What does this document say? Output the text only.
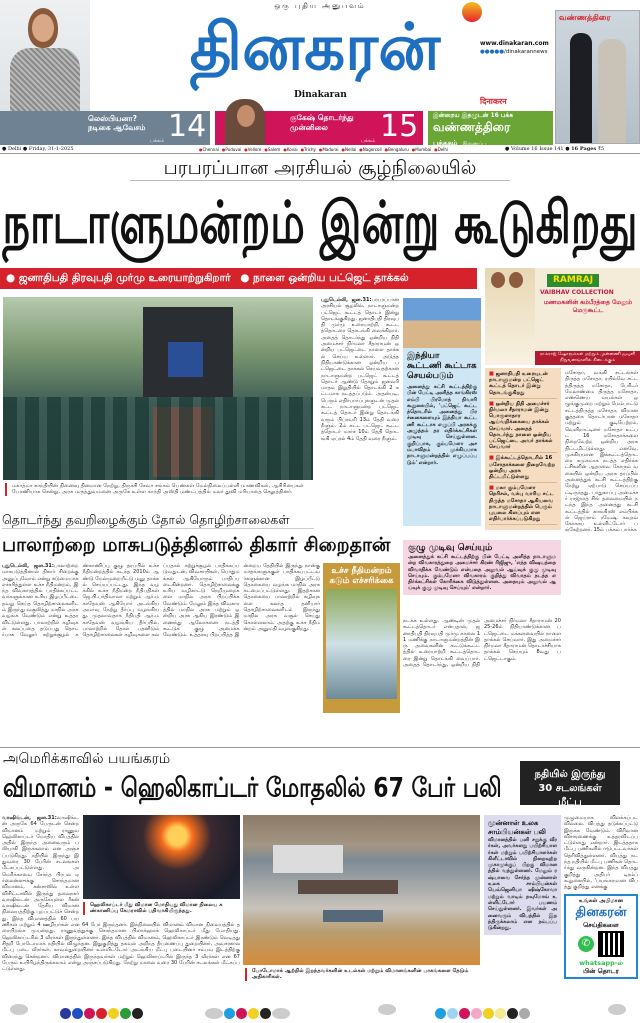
ஒரு புதிய அனுபவம்
தினகரன்
Dinakaran
www.dinakaran.com
●●●●●/dinakarannews
दिनाकरन
வண்ணத்திரை
லெஸ்பியனா? நடிகை ஆவேசம்
பக்கம் 14	குகேஷ் தொடர்ந்து முன்னிலை
பக்கம் 15 இன்றைய இதழுடன் 16 பக்க
வண்ணத்திரை
புத்தகம் இணைப்பு
● Delhi ● Friday, 31-1-2025	●Chennai ●Puduvai ●Vellore ●Salem ●Kovai ●Trichy ●Madurai ●Nellai ●Nagercoil ●Bengaluru ●Mumbai ●Delhi	● Volume 16 Issue 141 ● 16 Pages ₹5
பரபரப்பான அரசியல் சூழ்நிலையில்
நாடாளுமன்றம் இன்று கூடுகிறது
● ஜனாதிபதி திரவுபதி முர்மு உரையாற்றுகிறார் ● நாளை ஒன்றிய பட்ஜெட் தாக்கல்	RAMRAJ
VAIBHAV COLLECTION
மணமகனின் கம்பீரத்தை மேலும் மெருகூட்ட
ராம்ராஜ் ஷோரூம்கள் மற்றும் முன்னணி ஜவுளி நிறுவனங்களில் கிடைக்கும்
மகாத்மா காந்தியின் நினைவு தினமான நேற்று, திருச்சி சேவா சங்கம் பெண்கள் மேல்நிலைப்பள்ளி மாணவிகள், ஆசிரியைகள் பேரணியாக சென்று, அரசு மருத்துவமனை அருகே உள்ள காந்தி அஸ்தி மண்டபத்தில் மலர் தூவி மரியாதை செலுத்தினர்.
புதுடெல்லி, ஜன.31:பரபரப்பான அரசியல் சூழலில், நாடாளுமன்ற பட்ஜெட் கூட்டத் தொடர் இன்று தொடங்குகிறது. ஜனாதிபதி திரவுபதி முர்மு உரையாற்றி, கூட்டத்தொடரை தொடங்கி வைக்கிறார். அதைத் தொடர்ந்து ஒன்றிய நிதி அமைச்சர் நிர்மலா சீதாராமன் ஒன்றிய பட்ஜெட்டை நாளை தாக்கல் செய்ய உள்ளார். அடுத்த நிதியாண்டுக்கான ஒன்றிய பட்ஜெட்டை தாக்கல் செய்வதற்கான நாடாளுமன்ற பட்ஜெட் கூட்டத் தொடர் ஆண்டு தோறும் ஜனவரி மாதம் இறுதியில் தொடங்கி 2 கட்டமாக நடத்தப்படும். அதன்படி, பெரும் எதிர்பார்ப்புகளுடன் முதல் கட்ட நாடாளுமன்ற பட்ஜெட் கூட்டத் தொடர் இன்று தொடங்கி வரும் பிப்ரவரி 13ம் தேதி வரை நீளும். 2ம் கட்ட பட்ஜெட் கூட்டத்தொடர் மார்ச் 10ம் தேதி தொடங்கி ஏப்ரல் 4ம் தேதி வரை நீளும்.
இந்தியா கூட்டணி கூட்டாக செயல்படும்
அனைத்து கட்சி கூட்டத்திற்கு பின் பேட்டி அளித்த காங்கிரஸ் எம்பி பிரமோத் திவாரி கூறுகையில், 'பட்ஜெட் கூட்டத்தொடரில் அனைத்து பிரச்னைகளையும் இந்தியா கூட்டணி கூட்டாக எழுப்பி அரசுக்கு அழுத்தம் தர எதிர்க்கட்சிகள் முடிவு செய்துள்ளன. குறிப்பாக, கும்பமேளா அசம்பாவிதம் முக்கியமாக நாடாளுமன்றத்தில் எழுப்பப்படும்' என்றார்.
■ ஜனாதிபதி உரையுடன் நாடாளுமன்ற பட்ஜெட் கூட்டத் தொடர் இன்று தொடங்குகிறது
■ ஒன்றிய நிதி அமைச்சர் நிர்மலா சீதாராமன் இன்று பொருளாதார ஆய்வறிக்கையை தாக்கல் செய்வார். அதைத் தொடர்ந்து நாளை ஒன்றிய பட்ஜெட்டை அவர் தாக்கல் செய்வார்
■ இக்கூட்டத்தொடரில் 16 மசோதாக்களை நிறைவேற்ற ஒன்றிய அரசு திட்டமிட்டுள்ளது
■ மகா கும்பமேளா நெரிசல், வக்பு வாரிய சட்ட திருத்த மசோதா ஆகியவை நாடாளுமன்றத்தில் பெரும் புயலை கிளப்பும் என எதிர்பார்க்கப்படுகிறது
மசோதா, வங்கி சட்டங்கள் திருத்த மசோதா, ரயில்வே சட்டத்திருத்த மசோதா, பேரிடர் மேலாண்மை திருத்த மசோதா, எண்ணெய் வயல்கள் ஒழுங்குமுறை மற்றும் மேம்பாட்டு சட்டத்திருத்த மசோதா, விமான குத்தகை தொடர்பான மசோதா மற்றும் குடியேற்றம், வெளிநாட்டினர் மசோதா உட்பட 16 மசோதாக்களை நிறைவேற்ற ஒன்றிய அரசு திட்டமிட்டுள்ளது. எனவே, முக்கியமான இக்கூட்டத்தொடரை சுமுகமாக நடத்த எதிர்க்கட்சிகளின் ஆதரவை கோரும் வகையில் ஒன்றிய அரசு தரப்பில் அனைத்துக் கட்சி கூட்டத்திற்கு நேற்று ஏற்பாடு செய்யப்பட்டிருந்தது. பாதுகாப்பு அமைச்சர் ராஜ்நாத் சிங் தலைமையில் நடந்த இந்த அனைத்து கட்சி கூட்டத்தில் காங்கிரஸ் எம்பிக்கள் ஜெய்ராம் ரமேஷ், கவுரவ் கோகாய் உள்ளிட்டோர் பங்கேற்றனர். 15ம் பக்கம் பார்க்க
குழு முடிவு செய்யும்
அனைத்துக் கட்சி கூட்டத்திற்கு பின் பேட்டி அளித்த நாடாளுமன்ற விவகாரத்துறை அமைச்சர் கிரண் ரிஜிஜு, 'எந்த விஷயத்தை விவாதிக்க வேண்டும் என்பதை அலுவல் ஆய்வுக் குழு முடிவு செய்யும். கும்பமேளா விவகாரம் குறித்து விவாதம் நடத்த எதிர்க்கட்சிகள் கோரிக்கை விடுத்துள்ளன. அதையும் அலுவல் ஆய்வுக் குழு முடிவு செய்யும்' என்றார்.
நடக்க உள்ளது. ஆண்டின் முதல் கூட்டத்தொடர் என்பதால், ஜனாதிபதி திரவுபதி முர்மு காலை 11 மணிக்கு நாடாளுமன்றத்தின் இரு அவைகளின் கூட்டுக்கூட்டத்தில் உரையாற்றி கூட்டத்தொடரை இன்று தொடங்கி வைப்பார். அதைத் தொடர்ந்து, ஒன்றிய நிதி அமைச்சர் நிர்மலா சீதாராமன் 2025-26ம் நிதியாண்டுக்கான பட்ஜெட்டை மக்களவையில் நாளை தாக்கல் செய்வார். இது அமைச்சர் நிர்மலா சீதாராமன் தொடர்ச்சியாக தாக்கல் செய்யும் 8வது பட்ஜெட்டாகும்.
தொடர்ந்து தவறிழைக்கும் தோல் தொழிற்சாலைகள்
பாலாற்றை மாசுபடுத்தினால் திகார் சிறைதான்
புதுடெல்லி, ஜன.31:பாலாற்றை மாசுபடுத்தினால் திகார் சிறைக்கு அனுப்புவோம் என்று கடுமையாக எச்சரித்துள்ள உச்ச நீதிமன்றம், இந்த விவகாரத்தில் பாதிக்கப்பட்டவர்களுக்கான உரிய இழப்பீட்டை தவறு செய்த தொழிற்சாலைகளிடம் இருந்து வசூலித்து மாநில அரசு வழங்க வேண்டும் என்று உத்தரவிட்டுள்ளது. பாலாற்றில் கழிவுகள் கலப்பதை தடுப்பது தொடர்பாக வேலூர் சுற்றுச்சூழல் கண்காணிப்பு குழு தரப்பில் உச்ச நீதிமன்றத்தில் கடந்த 2010ம் ஆண்டு மேல்முறையீட்டு மனு தாக்கல் செய்யப்பட்டது. இந்த வழக்கில் உச்ச நீதிமன்ற நீதிபதிகள் ஜே.பி.பர்திவாலா மற்றும் ஆர்.மகாதேவன் ஆகியோர் அடங்கிய அமர்வு நேற்று தீர்ப்பு வழங்கியது. முதலாவதாக நீதிபதி ஆர்.மகாதேவன் வழங்கிய தீர்ப்பில், பாலாற்றில் தோல் பதனிடும் தொழிற்சாலைகள் கழிவுகளை கலப்பதால் சுற்றுச்சூழல் பாதிக்கப்படுவதுடன், விவசாயிகள், பொதுமக்கள் ஆகியோரும் பாதிப்படைகின்றனர். தொழிற்சாலைக்கு உரிய வழிகாட்டு நெறிமுறைகளை மாநில அரசு பிறப்பிக்க வேண்டும். மேலும் இந்த விவகாரத்தில் மாநில அரசு மற்றும் ஒன்றிய அரசு ஆகிய இரண்டும் இணைந்து ஆலோசனை நடத்தி கூட்டுக் குழு அமைக்க வேண்டும். உத்தரவு பிறப்பித்த இன்றைய தேதியில் இருந்து நான்கு மாதங்களுக்குள் பாதிக்கப்பட்டவர்களுக்கான இழப்பீட்டு தொகையை வழங்க மாநில அரசு கடமைப்பட்டுள்ளது. இதற்கான தொகையை பாலாற்றில் கழிவுகளை கலந்த தனியார் தொழிற்சாலைகளிடம் இருந்து மாநில அரசு வசூல் செய்து கொள்ளலாம். அதற்கு உச்ச நீதிமன்றம் அனுமதி வழங்குகிறது.
உச்ச நீதிமன்றம் கடும் எச்சரிக்கை
அமெரிக்காவில் பயங்கரம்
விமானம் - ஹெலிகாப்டர் மோதலில் 67 பேர் பலி	நதியில் இருந்து 30 சடலங்கள் மீட்பு
ஹெலிகாப்டர் மீது விமான மோதியது விமான நிலைய கண்காணிப்பு கேமராவில் பதிவாகியிருந்தது.
வாஷிங்டன், ஜன.31:வாஷிங்டன் அருகே 64 பேருடன் சென்ற விமானம் மற்றும் ராணுவ ஹெலிகாப்டர் மோதிய விபத்தில் அதில் இருந்த அனைவரும் பலியாகி இருக்கலாம் என அஞ்சப்படுகிறது. நதியில் இருந்து இதுவரை 30 பேரின் சடலங்கள் மீட்கப்பட்டுள்ளது. அமெரிக்காவை சேர்ந்த பிரபல ஏர்லைன்ஸுக்கு சொந்தமான விமானம், கன்சாஸில் உள்ள விசிட்டாவில் இருந்து தலைநகர் வாஷிங்டன் அருகேயுள்ள ரீகன் வாஷிங்டன் தேசிய விமான நிலையத்திற்கு புறப்பட்டுச் சென்றது. இந்த விமானத்தில் 60 பயணிகள் மற்றும் 4 ஊழியர்கள் என 64 பேர் இருந்தனர். இந்நிலையில் விமானம் விமான நிலையத்தில் தரையிறங்க முயன்றது. ராணுவத்துக்கு சொந்தமான பிளாக்ஹாக் ஹெலிகாப்டர் மீது மோதியது. ஹெலிகாப்டரில் 3 வீரர்கள் இருந்துள்ளனர். இந்த விபத்தில் விமானம், ஹெலிகாப்டர் இரண்டும் வெடித்து சிதறி போடோமாக் நதியில் விழுந்தன. இதுகுறித்து தகவல் அறிந்த தீயணைப்பு துறையினர், அவசரகால மீட்பு படை வீரர்கள், காவல்துறையினர் உள்ளிட்டோர் அடங்கிய மீட்பு படையினர் சம்பவ இடத்திற்கு விரைந்து சென்றனர். விமானத்தில் இருந்தவர்கள் மற்றும் ஹெலிகாப்டரில் இருந்த 3 வீரர்கள் என 67 பேரும் உயிரிழந்திருக்கலாம் என்று அஞ்சப்படுகிறது. நேற்று மாலை வரை 30 பேரின் சடலங்கள் மீட்கப்பட்டுள்ளது.	போடோமாக் ஆற்றில் இறந்தவர்களின் உடல்கள் மற்றும் விமானங்களின் பாகங்களை தேடும் அதிகாரிகள்.
முன்னாள் உலக சாம்பியன்கள் பலி
விமானத்தில் பனி சறுக்கு வீரர்கள், அவர்களது பயிற்சியாளர்கள் மற்றும் பயிற்சியாளர்கள் கிளீட்டாவில் நிறைவுற்ற முகாமுக்குப் பிறகு விமானத்தில் வந்துள்ளனர். மேலும் ரஷ்யாவை சேர்ந்த முன்னாள் உலக சாம்பியன்கள் யெவ்ஜெனியா ஷிஷ்கோவா மற்றும் வாடிம் நவுமோவ் உள்ளிட்டோர் பயணம் செய்துள்ளனர். இவர்கள் அனைவரும் விபத்தில் இறந்திருக்கலாம் என நம்பப்படுகின்றது.
முழுமையாக விளக்கப்படவில்லை. விபத்து தடுக்கப்பட்டு இருக்க வேண்டும். விரிவான விசாரணைக்கு உத்தரவிடப்பட்டுள்ளது என்றார். இடத்ததாக மீட்பு பணிகளில் ஈடுபட்டவர்கள் தெரிவித்துள்ளனர். விபத்து நடந்த நதியில் மீட்பு பணிகள் தொடர்ந்து வருகின்றன. இந்த விபத்து குறித்து அதிபர் டிரம்ப் கூறுகையில், 'பயங்கரமான விபத்து குறித்து எனக்கு
உங்கள் அபிமான
தினகரன்
செய்திகளை
✆
whatsapp-ல்
பின் தொடர
